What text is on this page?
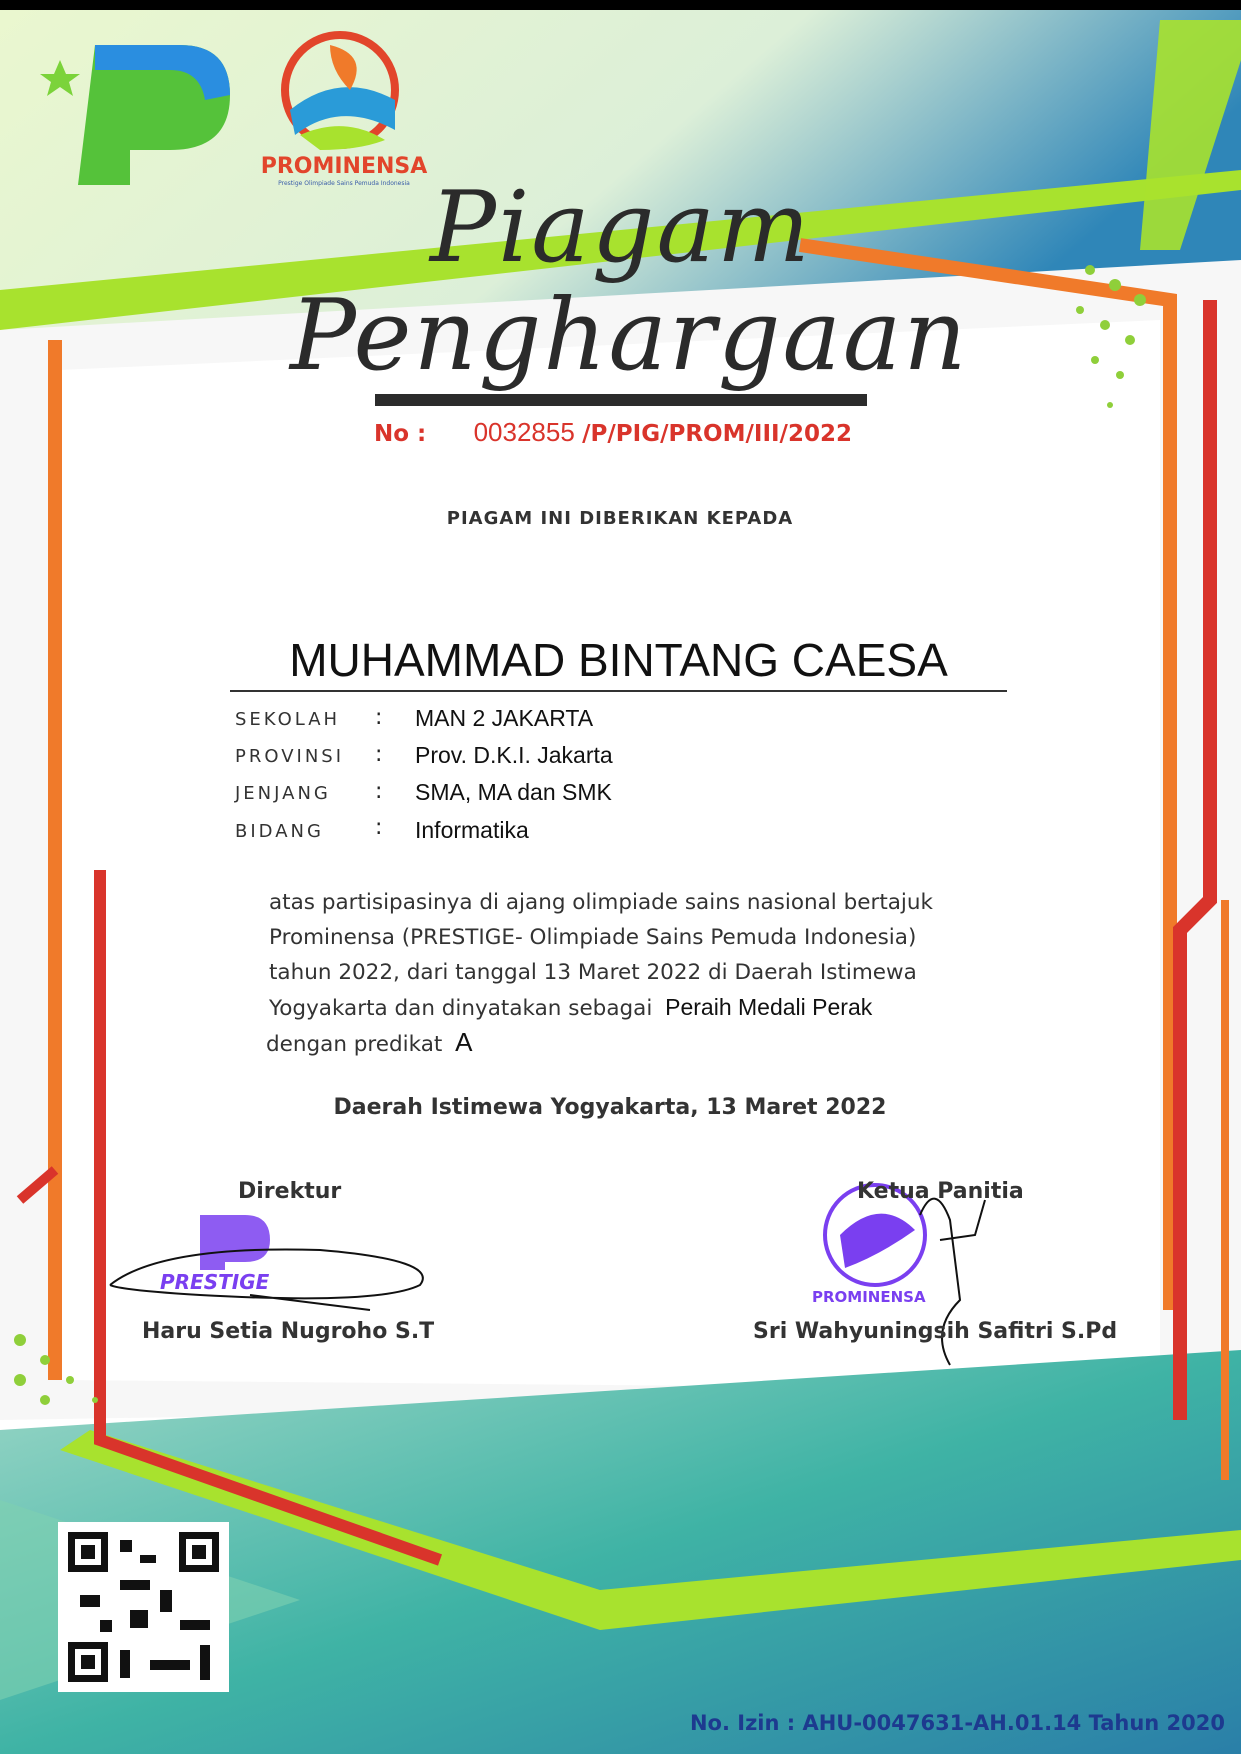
PROMINENSA
Prestige Olimpiade Sains Pemuda Indonesia Piagam
Penghargaan
No : 0032855 /P/PIG/PROM/III/2022
PIAGAM INI DIBERIKAN KEPADA
MUHAMMAD BINTANG CAESA
SEKOLAH : MAN 2 JAKARTA
PROVINSI : Prov. D.K.I. Jakarta
JENJANG : SMA, MA dan SMK
BIDANG : Informatika
atas partisipasinya di ajang olimpiade sains nasional bertajuk
Prominensa (PRESTIGE- Olimpiade Sains Pemuda Indonesia)
tahun 2022, dari tanggal 13 Maret 2022 di Daerah Istimewa
Yogyakarta dan dinyatakan sebagai Peraih Medali Perak
dengan predikat A
Daerah Istimewa Yogyakarta, 13 Maret 2022
Direktur
PRESTIGE
Haru Setia Nugroho S.T
Ketua Panitia
PROMINENSA
Sri Wahyuningsih Safitri S.Pd
No. Izin : AHU-0047631-AH.01.14 Tahun 2020
